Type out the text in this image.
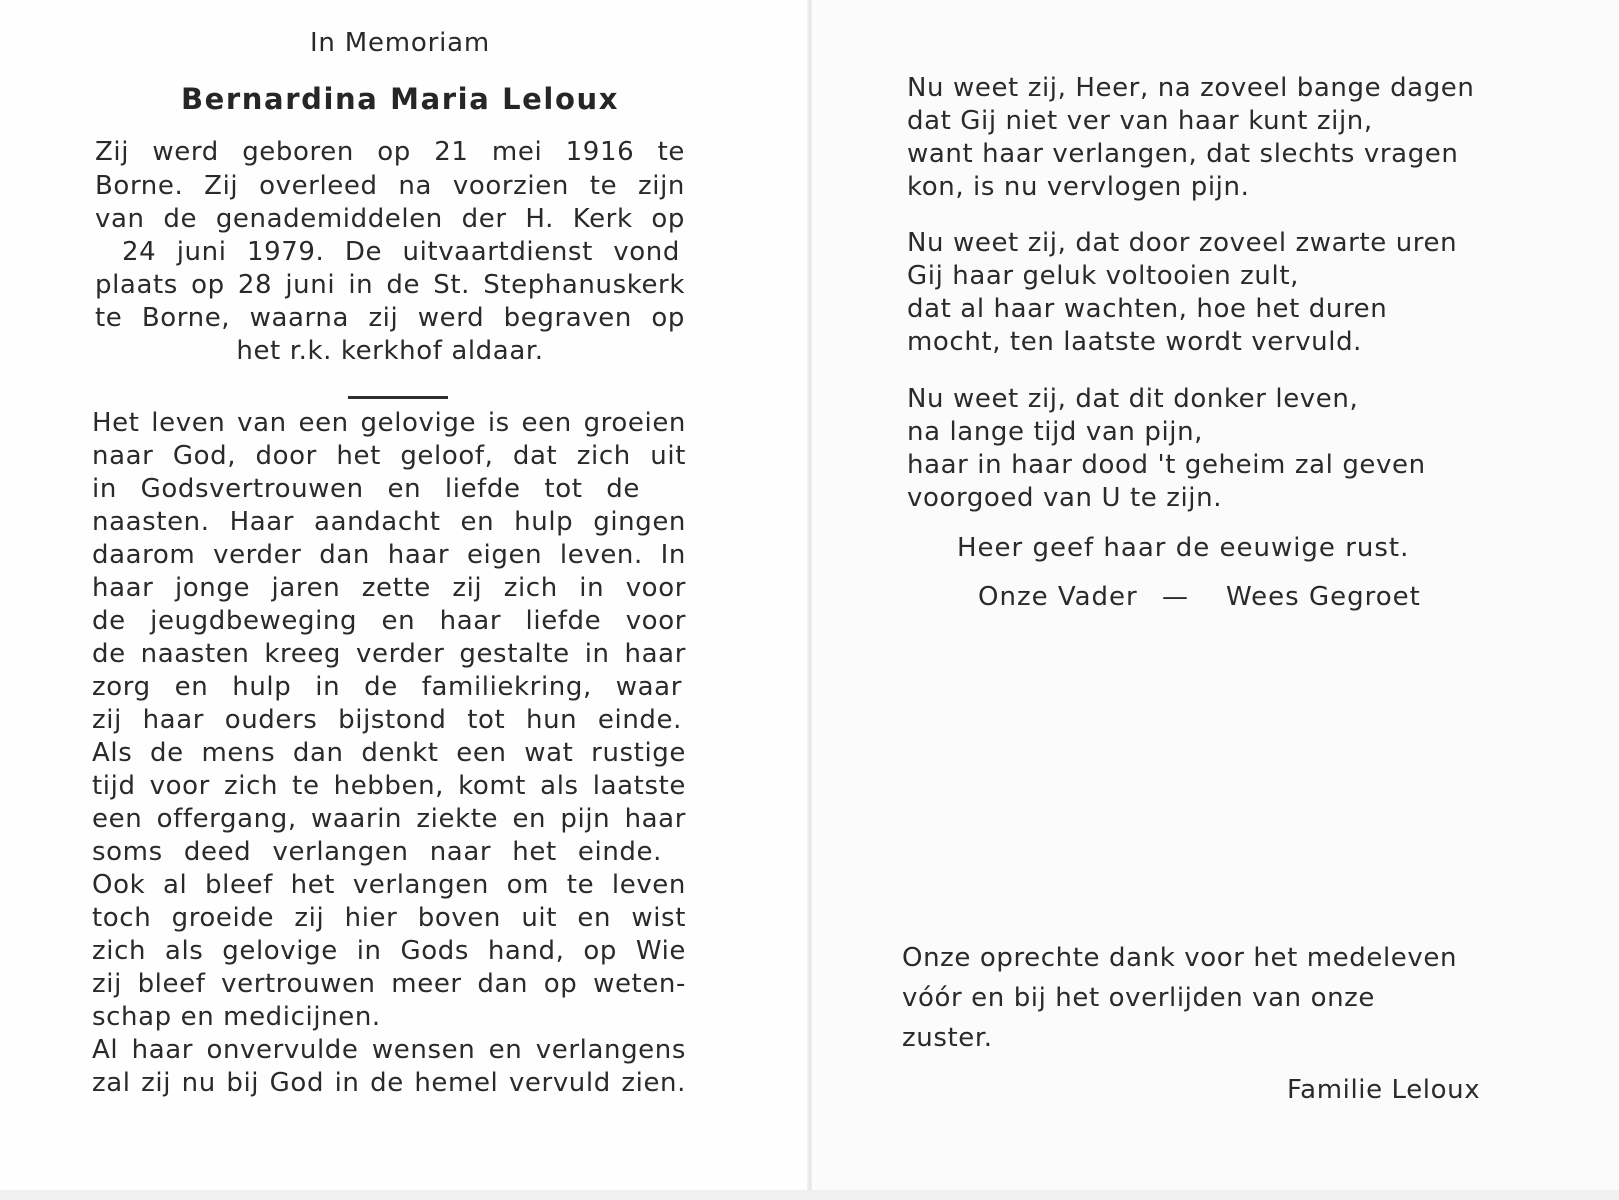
In Memoriam
Bernardina Maria Leloux
Zij werd geboren op 21 mei 1916 te
Borne. Zij overleed na voorzien te zijn
van de genademiddelen der H. Kerk op
24 juni 1979. De uitvaartdienst vond
plaats op 28 juni in de St. Stephanuskerk
te Borne, waarna zij werd begraven op
het r.k. kerkhof aldaar.
Het leven van een gelovige is een groeien
naar God, door het geloof, dat zich uit
in Godsvertrouwen en liefde tot de
naasten. Haar aandacht en hulp gingen
daarom verder dan haar eigen leven. In
haar jonge jaren zette zij zich in voor
de jeugdbeweging en haar liefde voor
de naasten kreeg verder gestalte in haar
zorg en hulp in de familiekring, waar
zij haar ouders bijstond tot hun einde.
Als de mens dan denkt een wat rustige
tijd voor zich te hebben, komt als laatste
een offergang, waarin ziekte en pijn haar
soms deed verlangen naar het einde.
Ook al bleef het verlangen om te leven
toch groeide zij hier boven uit en wist
zich als gelovige in Gods hand, op Wie
zij bleef vertrouwen meer dan op weten-
schap en medicijnen.
Al haar onvervulde wensen en verlangens
zal zij nu bij God in de hemel vervuld zien.
Nu weet zij, Heer, na zoveel bange dagen
dat Gij niet ver van haar kunt zijn,
want haar verlangen, dat slechts vragen
kon, is nu vervlogen pijn.
Nu weet zij, dat door zoveel zwarte uren
Gij haar geluk voltooien zult,
dat al haar wachten, hoe het duren
mocht, ten laatste wordt vervuld.
Nu weet zij, dat dit donker leven,
na lange tijd van pijn,
haar in haar dood 't geheim zal geven
voorgoed van U te zijn.
Heer geef haar de eeuwige rust.
Onze Vader — Wees Gegroet
Onze oprechte dank voor het medeleven
vóór en bij het overlijden van onze
zuster.
Familie Leloux
